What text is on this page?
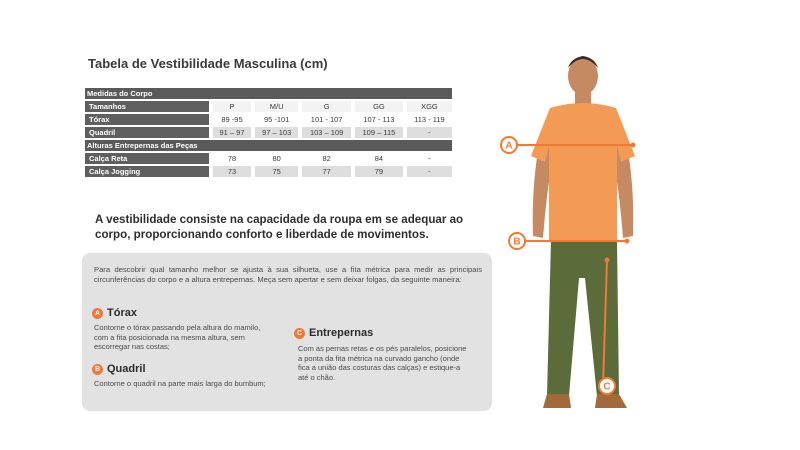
Tabela de Vestibilidade Masculina (cm)
Medidas do Corpo					
Tamanhos	P	M/U	G	GG	XGG
Tórax	89 -95	95 -101	101 - 107	107 - 113	113 - 119
Quadril	91 – 97	97 – 103	103 – 109	109 – 115	-
Alturas Entrepernas das Peças					
Calça Reta	78	80	82	84	-
Calça Jogging	73	75	77	79	-
A vestibilidade consiste na capacidade da roupa em se adequar ao corpo, proporcionando conforto e liberdade de movimentos.
Para descobrir qual tamanho melhor se ajusta à sua silhueta, use a fita métrica para medir as principais circunferências do corpo e a altura entrepernas. Meça sem apertar e sem deixar folgas, da seguinte maneira:
A Tórax
Contorne o tórax passando pela altura do mamilo, com a fita posicionada na mesma altura, sem escorregar nas costas;
B Quadril
Contorne o quadril na parte mais larga do bumbum;
C Entrepernas
Com as pernas retas e os pés paralelos, posicione a ponta da fita métrica na curvado gancho (onde fica a união das costuras das calças) e estique-a até o chão.
A
B
C
